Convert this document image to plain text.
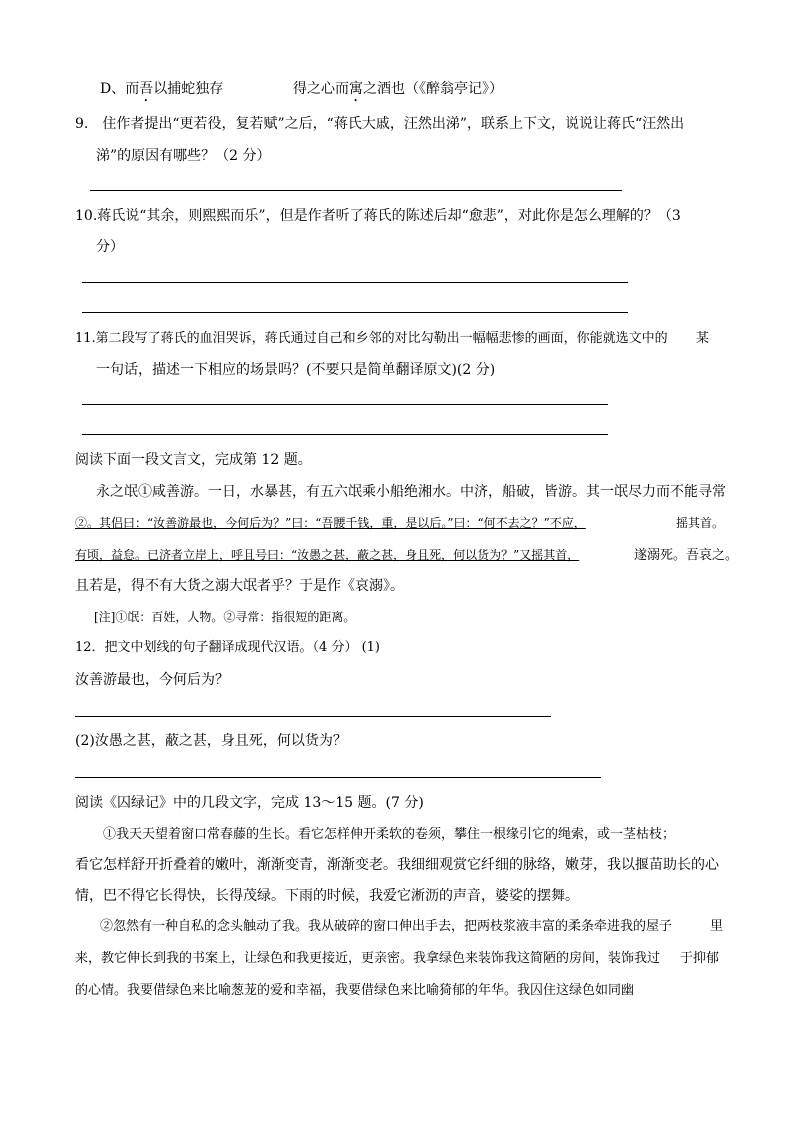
D、而吾以捕蛇独存	得之心而寓之酒也（《醉翁亭记》）
9.　住作者提出“更若役，复若赋”之后，“蒋氏大戚，汪然出涕”，联系上下文，说说让蒋氏“汪然出
涕”的原因有哪些？（2 分）
10.蒋氏说“其余，则熙熙而乐”，但是作者听了蒋氏的陈述后却“愈悲”，对此你是怎么理解的？（3
分）
11.第二段写了蒋氏的血泪哭诉，蒋氏通过自己和乡邻的对比勾勒出一幅幅悲惨的画面，你能就选文中的 某
一句话，描述一下相应的场景吗？(不要只是简单翻译原文)(2 分)
阅读下面一段文言文，完成第 12 题。
永之氓①咸善游。一日，水暴甚，有五六氓乘小船绝湘水。中济，船破，皆游。其一氓尽力而不能寻常
②。其侣曰：“汝善游最也，今何后为？”曰：“吾腰千钱，重，是以后。”曰：“何不去之？”不应，	摇其首。
有顷，益怠。已济者立岸上，呼且号曰：“汝愚之甚，蔽之甚，身且死，何以货为？”又摇其首，	遂溺死。吾哀之。
且若是，得不有大货之溺大氓者乎？于是作《哀溺》。
[注]①氓：百姓，人物。②寻常：指很短的距离。
12．把文中划线的句子翻译成现代汉语。（4 分） (1)
汝善游最也，今何后为？
(2)汝愚之甚，蔽之甚，身且死，何以货为？
阅读《囚绿记》中的几段文字，完成 13～15 题。(7 分)
①我天天望着窗口常春藤的生长。看它怎样伸开柔软的卷须，攀住一根缘引它的绳索，或一茎枯枝；
看它怎样舒开折叠着的嫩叶，渐渐变青，渐渐变老。我细细观赏它纤细的脉络，嫩芽，我以揠苗助长的心
情，巴不得它长得快，长得茂绿。下雨的时候，我爱它淅沥的声音，婆娑的摆舞。
②忽然有一种自私的念头触动了我。我从破碎的窗口伸出手去，把两枝浆液丰富的柔条牵进我的屋子	里
来，教它伸长到我的书案上，让绿色和我更接近，更亲密。我拿绿色来装饰我这简陋的房间，装饰我过 于抑郁
的心情。我要借绿色来比喻葱茏的爱和幸福，我要借绿色来比喻猗郁的年华。我囚住这绿色如同幽
